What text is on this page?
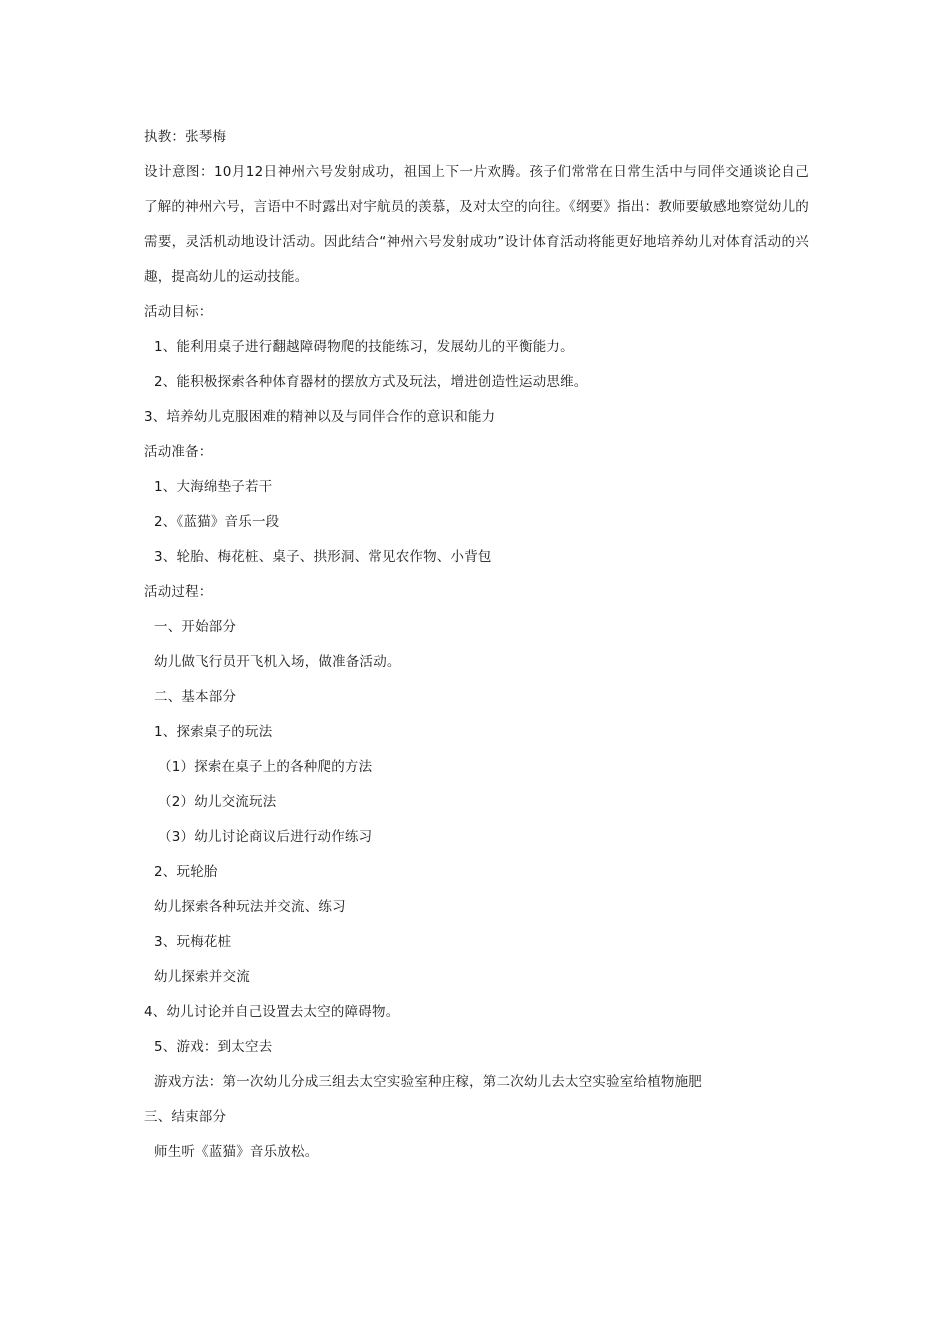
执教：张琴梅
设计意图：10月12日神州六号发射成功，祖国上下一片欢腾。孩子们常常在日常生活中与同伴交通谈论自己了解的神州六号，言语中不时露出对宇航员的羡慕，及对太空的向往。《纲要》指出：教师要敏感地察觉幼儿的需要，灵活机动地设计活动。因此结合“神州六号发射成功”设计体育活动将能更好地培养幼儿对体育活动的兴趣，提高幼儿的运动技能。
活动目标：
1、能利用桌子进行翻越障碍物爬的技能练习，发展幼儿的平衡能力。
2、能积极探索各种体育器材的摆放方式及玩法，增进创造性运动思维。
3、培养幼儿克服困难的精神以及与同伴合作的意识和能力
活动准备：
1、大海绵垫子若干
2、《蓝猫》音乐一段
3、轮胎、梅花桩、桌子、拱形洞、常见农作物、小背包
活动过程：
一、开始部分
幼儿做飞行员开飞机入场，做准备活动。
二、基本部分
1、探索桌子的玩法
（1）探索在桌子上的各种爬的方法
（2）幼儿交流玩法
（3）幼儿讨论商议后进行动作练习
2、玩轮胎
幼儿探索各种玩法并交流、练习
3、玩梅花桩
幼儿探索并交流
4、幼儿讨论并自己设置去太空的障碍物。
5、游戏：到太空去
游戏方法：第一次幼儿分成三组去太空实验室种庄稼，第二次幼儿去太空实验室给植物施肥
三、结束部分
师生听《蓝猫》音乐放松。
